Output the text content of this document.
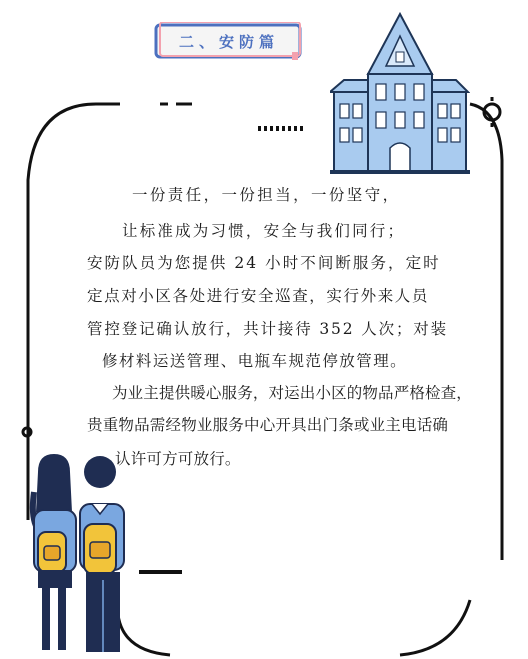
二、安防篇
一份责任，一份担当，一份坚守，
让标准成为习惯，安全与我们同行；
安防队员为您提供 24 小时不间断服务，定时
定点对小区各处进行安全巡查，实行外来人员
管控登记确认放行，共计接待 352 人次；对装
修材料运送管理、电瓶车规范停放管理。
为业主提供暖心服务，对运出小区的物品严格检查，
贵重物品需经物业服务中心开具出门条或业主电话确
认许可方可放行。
